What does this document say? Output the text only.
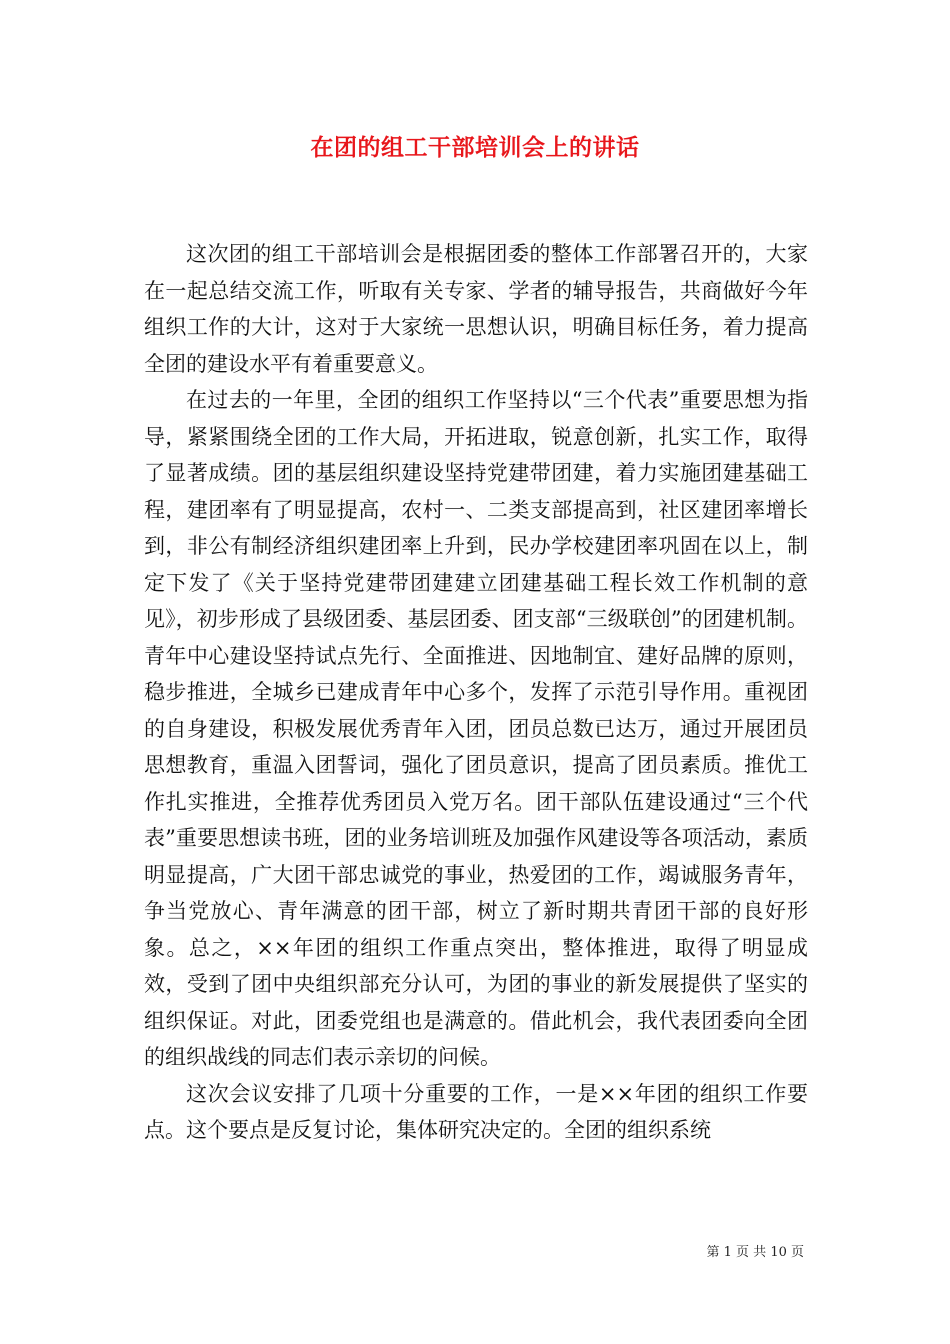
在团的组工干部培训会上的讲话

这次团的组工干部培训会是根据团委的整体工作部署召开的，大家在一起总结交流工作，听取有关专家、学者的辅导报告，共商做好今年组织工作的大计，这对于大家统一思想认识，明确目标任务，着力提高全团的建设水平有着重要意义。

在过去的一年里，全团的组织工作坚持以“三个代表”重要思想为指导，紧紧围绕全团的工作大局，开拓进取，锐意创新，扎实工作，取得了显著成绩。团的基层组织建设坚持党建带团建，着力实施团建基础工程，建团率有了明显提高，农村一、二类支部提高到，社区建团率增长到，非公有制经济组织建团率上升到，民办学校建团率巩固在以上，制定下发了《关于坚持党建带团建建立团建基础工程长效工作机制的意见》，初步形成了县级团委、基层团委、团支部“三级联创”的团建机制。青年中心建设坚持试点先行、全面推进、因地制宜、建好品牌的原则，稳步推进，全城乡已建成青年中心多个，发挥了示范引导作用。重视团的自身建设，积极发展优秀青年入团，团员总数已达万，通过开展团员思想教育，重温入团誓词，强化了团员意识，提高了团员素质。推优工作扎实推进，全推荐优秀团员入党万名。团干部队伍建设通过“三个代表”重要思想读书班，团的业务培训班及加强作风建设等各项活动，素质明显提高，广大团干部忠诚党的事业，热爱团的工作，竭诚服务青年，争当党放心、青年满意的团干部，树立了新时期共青团干部的良好形象。总之，××年团的组织工作重点突出，整体推进，取得了明显成效，受到了团中央组织部充分认可，为团的事业的新发展提供了坚实的组织保证。对此，团委党组也是满意的。借此机会，我代表团委向全团的组织战线的同志们表示亲切的问候。

这次会议安排了几项十分重要的工作，一是××年团的组织工作要点。这个要点是反复讨论，集体研究决定的。全团的组织系统

第 1 页 共 10 页
